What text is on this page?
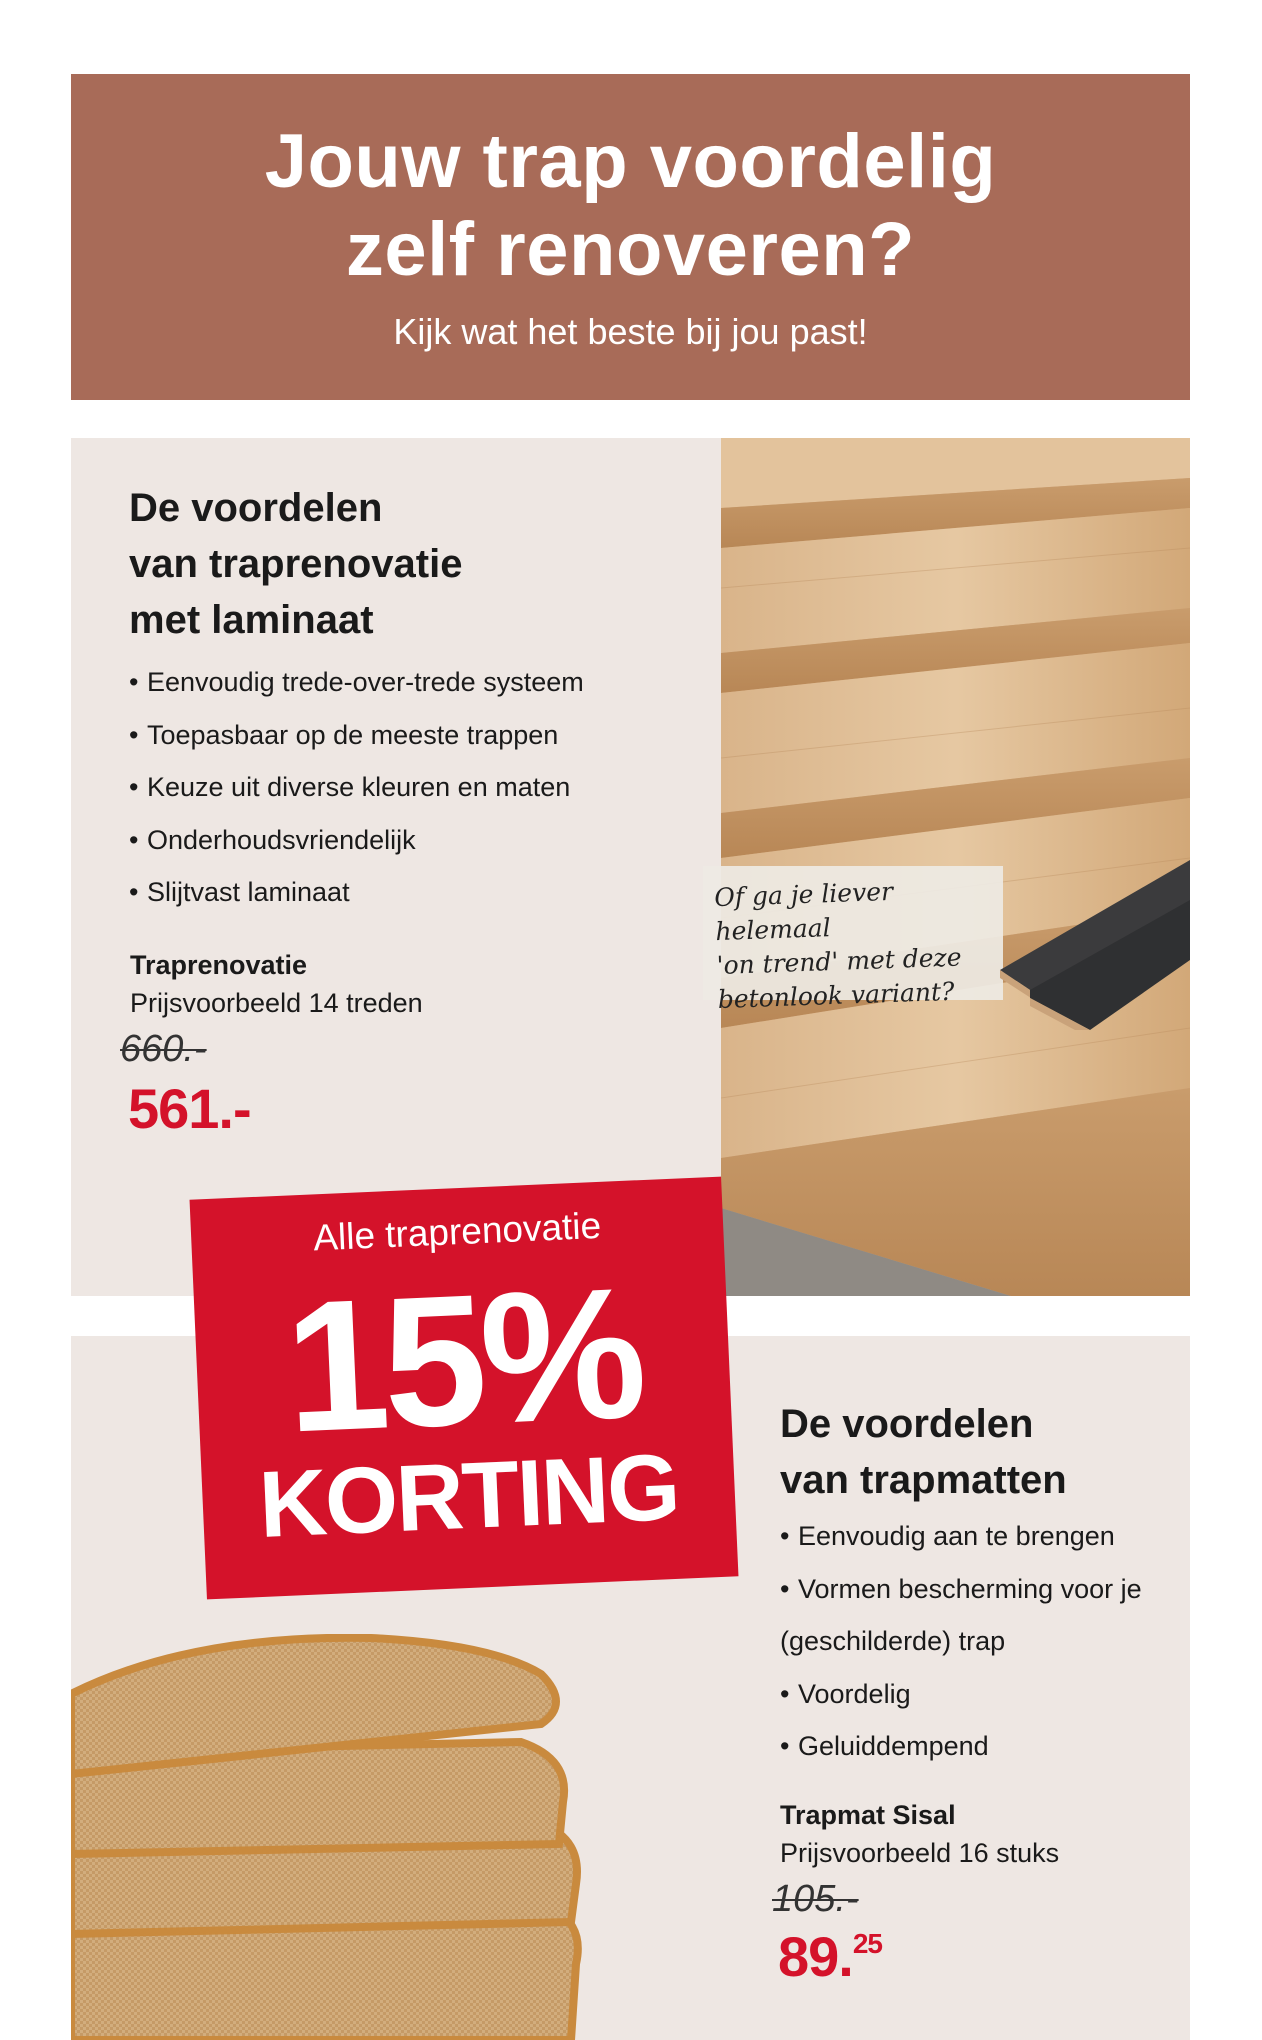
Jouw trap voordelig
zelf renoveren?
Kijk wat het beste bij jou past!
De voordelen
van traprenovatie
met laminaat
• Eenvoudig trede-over-trede systeem
• Toepasbaar op de meeste trappen
• Keuze uit diverse kleuren en maten
• Onderhoudsvriendelijk
• Slijtvast laminaat
Traprenovatie
Prijsvoorbeeld 14 treden
660.-
561.-
Of ga je liever helemaal
'on trend' met deze
betonlook variant?
Alle traprenovatie
15%
KORTING
De voordelen
van trapmatten
• Eenvoudig aan te brengen
• Vormen bescherming voor je
(geschilderde) trap
• Voordelig
• Geluiddempend
Trapmat Sisal
Prijsvoorbeeld 16 stuks
105.-
89.25
